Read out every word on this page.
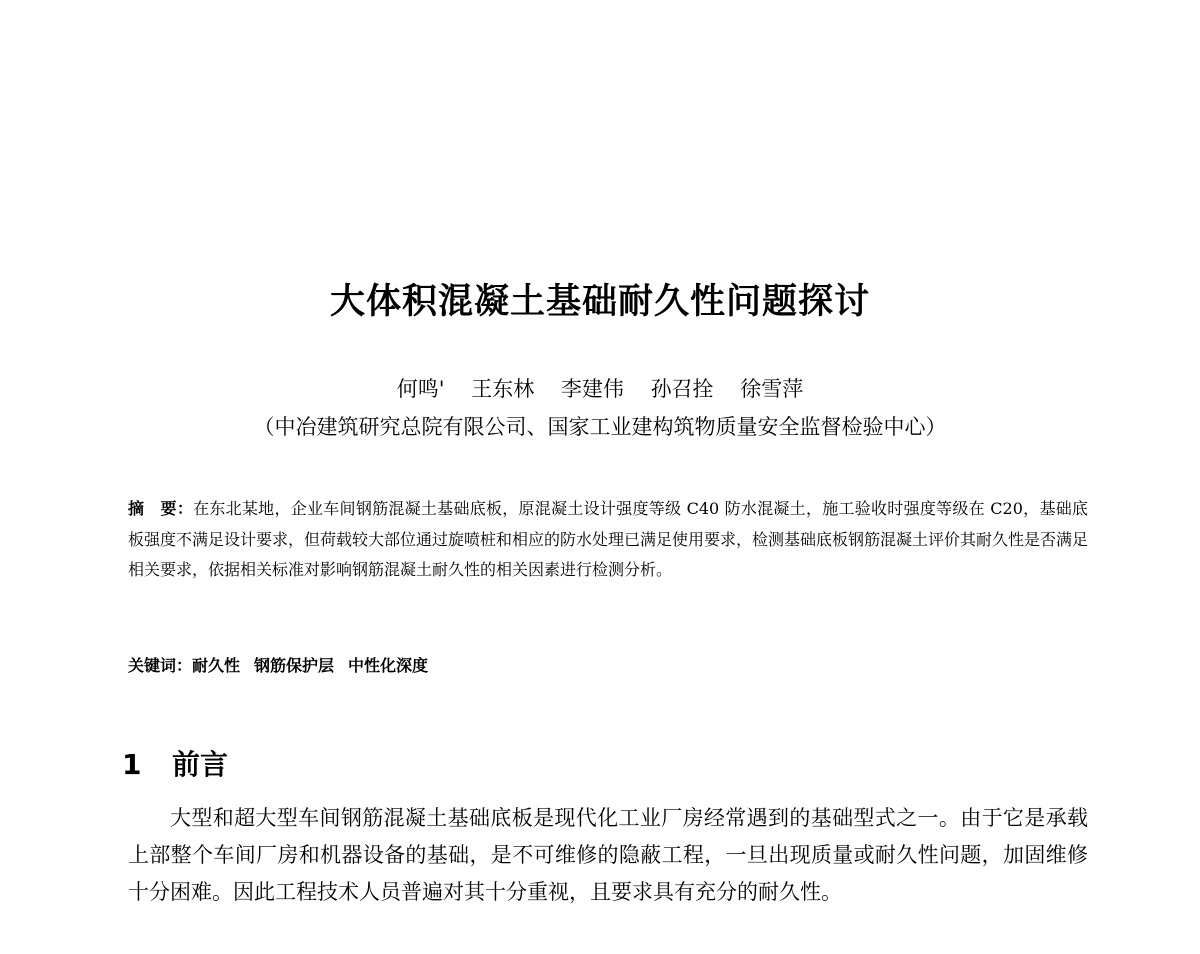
大体积混凝土基础耐久性问题探讨

何鸣' 王东林 李建伟 孙召拴 徐雪萍

（中冶建筑研究总院有限公司、国家工业建构筑物质量安全监督检验中心）

摘　要：在东北某地，企业车间钢筋混凝土基础底板，原混凝土设计强度等级 C40 防水混凝土，施工验收时强度等级在 C20，基础底板强度不满足设计要求，但荷载较大部位通过旋喷桩和相应的防水处理已满足使用要求，检测基础底板钢筋混凝土评价其耐久性是否满足相关要求，依据相关标准对影响钢筋混凝土耐久性的相关因素进行检测分析。

关键词：耐久性 钢筋保护层 中性化深度

1 前言

大型和超大型车间钢筋混凝土基础底板是现代化工业厂房经常遇到的基础型式之一。由于它是承载上部整个车间厂房和机器设备的基础，是不可维修的隐蔽工程，一旦出现质量或耐久性问题，加固维修十分困难。因此工程技术人员普遍对其十分重视，且要求具有充分的耐久性。
